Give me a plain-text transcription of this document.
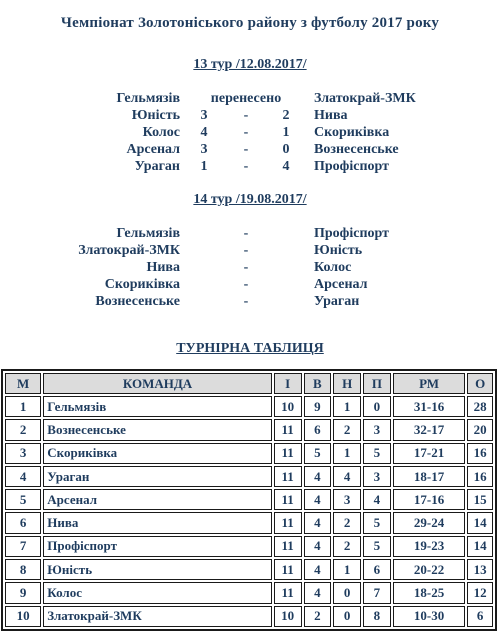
Чемпіонат Золотоніського району з футболу 2017 року
13 тур /12.08.2017/
Гельмязів	перенесено	Златокрай-ЗМК
Юність	3	-	2	Нива
Колос	4	-	1	Скориківка
Арсенал	3	-	0	Вознесенське
Ураган	1	-	4	Профіспорт
14 тур /19.08.2017/
Гельмязів	-	Профіспорт
Златокрай-ЗМК	-	Юність
Нива	-	Колос
Скориківка	-	Арсенал
Вознесенське	-	Ураган
ТУРНІРНА ТАБЛИЦЯ
М	КОМАНДА	І	В	Н	П	РМ	О
1	Гельмязів	10	9	1	0	31-16	28
2	Вознесенське	11	6	2	3	32-17	20
3	Скориківка	11	5	1	5	17-21	16
4	Ураган	11	4	4	3	18-17	16
5	Арсенал	11	4	3	4	17-16	15
6	Нива	11	4	2	5	29-24	14
7	Профіспорт	11	4	2	5	19-23	14
8	Юність	11	4	1	6	20-22	13
9	Колос	11	4	0	7	18-25	12
10	Златокрай-ЗМК	10	2	0	8	10-30	6
